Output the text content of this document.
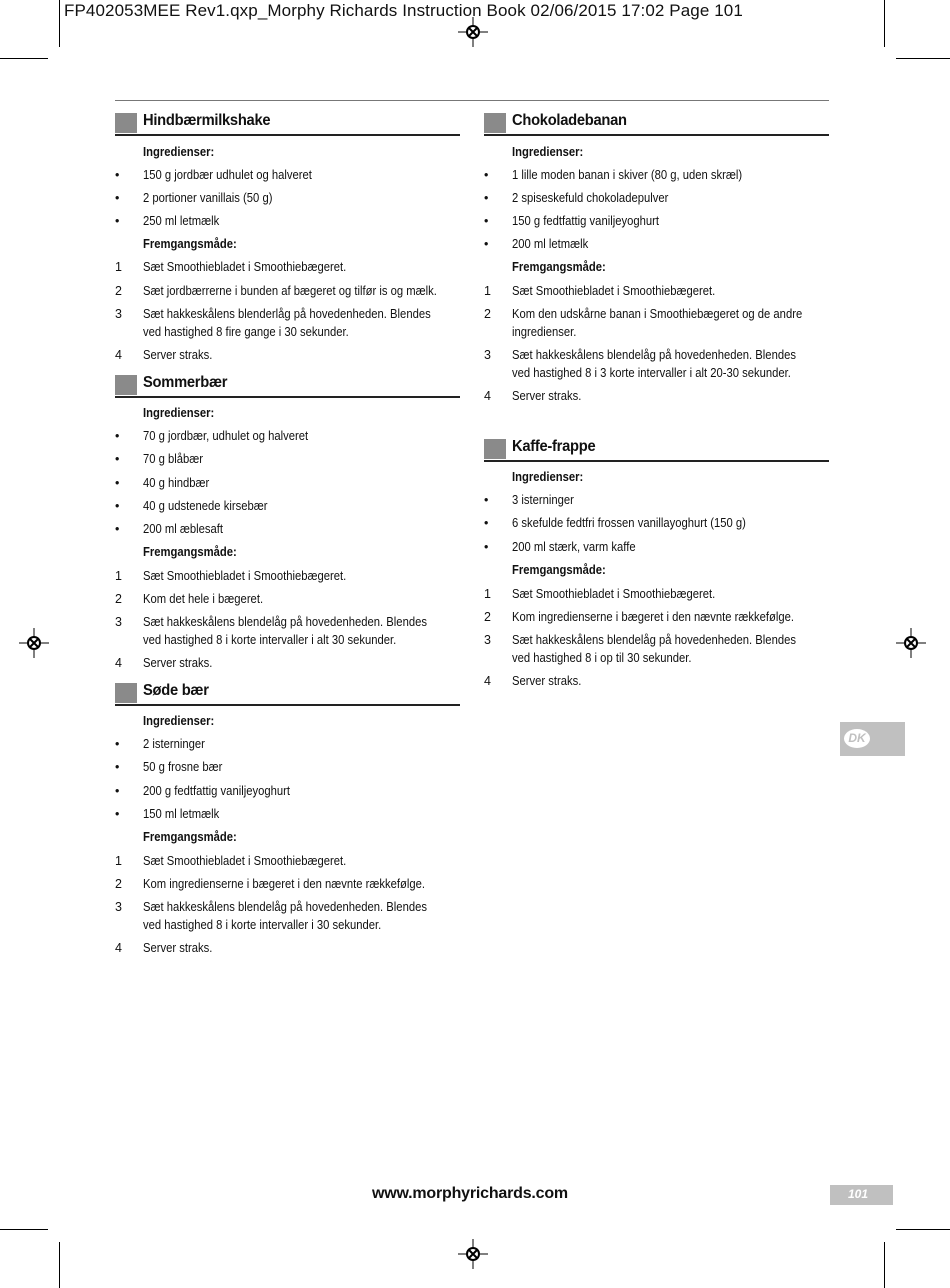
FP402053MEE Rev1.qxp_Morphy Richards Instruction Book 02/06/2015 17:02 Page 101
Hindbærmilkshake
Ingredienser:
•	150 g jordbær udhulet og halveret
•	2 portioner vanillais (50 g)
•	250 ml letmælk
Fremgangsmåde:
1	Sæt Smoothiebladet i Smoothiebægeret.
2	Sæt jordbærrerne i bunden af bægeret og tilfør is og mælk.
3	Sæt hakkeskålens blenderlåg på hovedenheden. Blendes ved hastighed 8 fire gange i 30 sekunder.
4	Server straks.
Sommerbær
Ingredienser:
•	70 g jordbær, udhulet og halveret
•	70 g blåbær
•	40 g hindbær
•	40 g udstenede kirsebær
•	200 ml æblesaft
Fremgangsmåde:
1	Sæt Smoothiebladet i Smoothiebægeret.
2	Kom det hele i bægeret.
3	Sæt hakkeskålens blendelåg på hovedenheden. Blendes ved hastighed 8 i korte intervaller i alt 30 sekunder.
4	Server straks.
Søde bær
Ingredienser:
•	2 isterninger
•	50 g frosne bær
•	200 g fedtfattig vaniljeyoghurt
•	150 ml letmælk
Fremgangsmåde:
1	Sæt Smoothiebladet i Smoothiebægeret.
2	Kom ingredienserne i bægeret i den nævnte rækkefølge.
3	Sæt hakkeskålens blendelåg på hovedenheden. Blendes ved hastighed 8 i korte intervaller i 30 sekunder.
4	Server straks.
Chokoladebanan
Ingredienser:
•	1 lille moden banan i skiver (80 g, uden skræl)
•	2 spiseskefuld chokoladepulver
•	150 g fedtfattig vaniljeyoghurt
•	200 ml letmælk
Fremgangsmåde:
1	Sæt Smoothiebladet i Smoothiebægeret.
2	Kom den udskårne banan i Smoothiebægeret og de andre ingredienser.
3	Sæt hakkeskålens blendelåg på hovedenheden. Blendes ved hastighed 8 i 3 korte intervaller i alt 20-30 sekunder.
4	Server straks.
Kaffe-frappe
Ingredienser:
•	3 isterninger
•	6 skefulde fedtfri frossen vanillayoghurt (150 g)
•	200 ml stærk, varm kaffe
Fremgangsmåde:
1	Sæt Smoothiebladet i Smoothiebægeret.
2	Kom ingredienserne i bægeret i den nævnte rækkefølge.
3	Sæt hakkeskålens blendelåg på hovedenheden. Blendes ved hastighed 8 i op til 30 sekunder.
4	Server straks.
DK
www.morphyrichards.com	101
